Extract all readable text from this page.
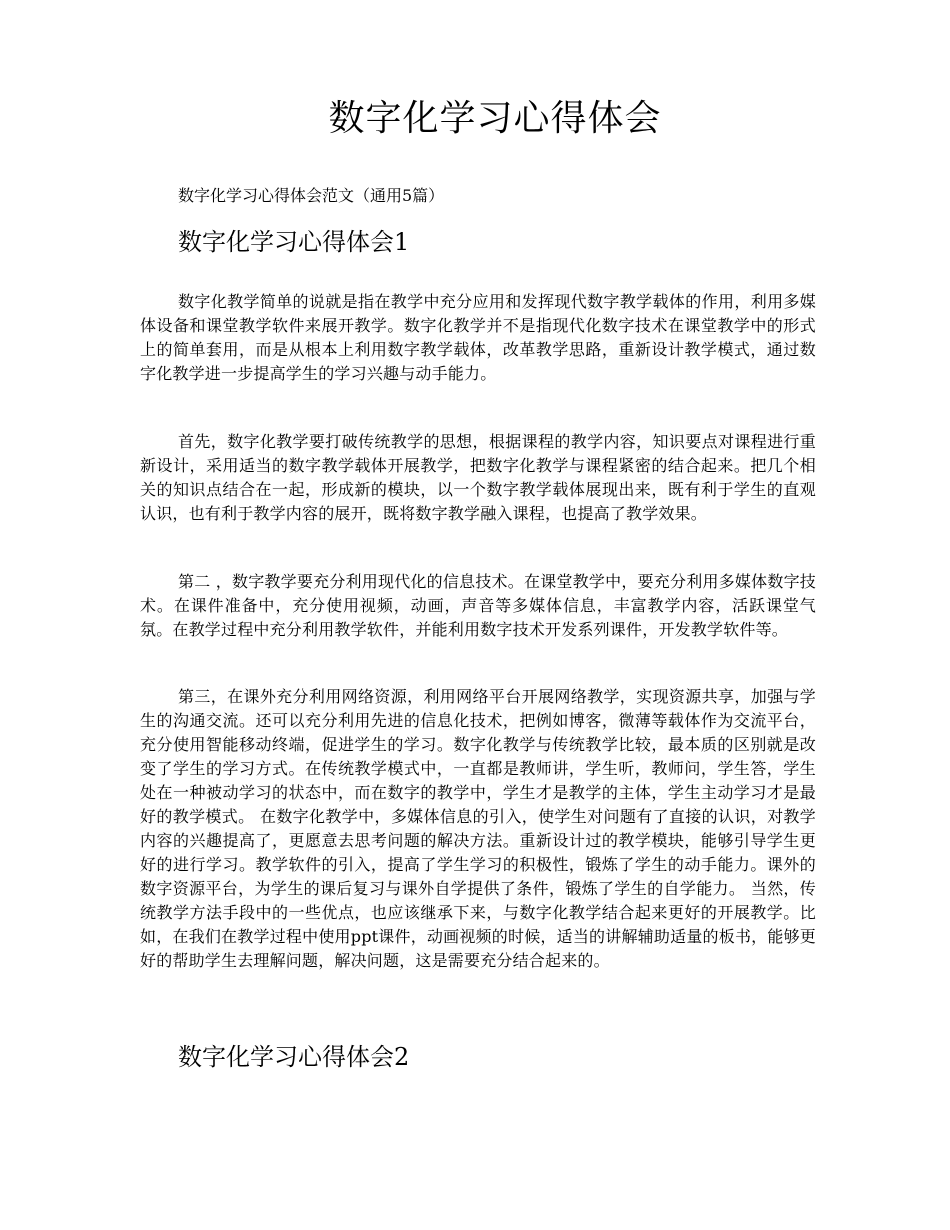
数字化学习心得体会

数字化学习心得体会范文（通用5篇）

数字化学习心得体会1

数字化教学简单的说就是指在教学中充分应用和发挥现代数字教学载体的作用，利用多媒体设备和课堂教学软件来展开教学。数字化教学并不是指现代化数字技术在课堂教学中的形式上的简单套用，而是从根本上利用数字教学载体，改革教学思路，重新设计教学模式，通过数字化教学进一步提高学生的学习兴趣与动手能力。

首先，数字化教学要打破传统教学的思想，根据课程的教学内容，知识要点对课程进行重新设计，采用适当的数字教学载体开展教学，把数字化教学与课程紧密的结合起来。把几个相关的知识点结合在一起，形成新的模块，以一个数字教学载体展现出来，既有利于学生的直观认识，也有利于教学内容的展开，既将数字教学融入课程，也提高了教学效果。

第二 ，数字教学要充分利用现代化的信息技术。在课堂教学中，要充分利用多媒体数字技术。在课件准备中，充分使用视频，动画，声音等多媒体信息，丰富教学内容，活跃课堂气氛。在教学过程中充分利用教学软件，并能利用数字技术开发系列课件，开发教学软件等。

第三，在课外充分利用网络资源，利用网络平台开展网络教学，实现资源共享，加强与学生的沟通交流。还可以充分利用先进的信息化技术，把例如博客，微薄等载体作为交流平台，充分使用智能移动终端，促进学生的学习。数字化教学与传统教学比较，最本质的区别就是改变了学生的学习方式。在传统教学模式中，一直都是教师讲，学生听，教师问，学生答，学生处在一种被动学习的状态中，而在数字的教学中，学生才是教学的主体，学生主动学习才是最好的教学模式。 在数字化教学中，多媒体信息的引入，使学生对问题有了直接的认识，对教学内容的兴趣提高了，更愿意去思考问题的解决方法。重新设计过的教学模块，能够引导学生更好的进行学习。教学软件的引入，提高了学生学习的积极性，锻炼了学生的动手能力。课外的数字资源平台，为学生的课后复习与课外自学提供了条件，锻炼了学生的自学能力。 当然，传统教学方法手段中的一些优点，也应该继承下来，与数字化教学结合起来更好的开展教学。比如，在我们在教学过程中使用ppt课件，动画视频的时候，适当的讲解辅助适量的板书，能够更好的帮助学生去理解问题，解决问题，这是需要充分结合起来的。

数字化学习心得体会2
